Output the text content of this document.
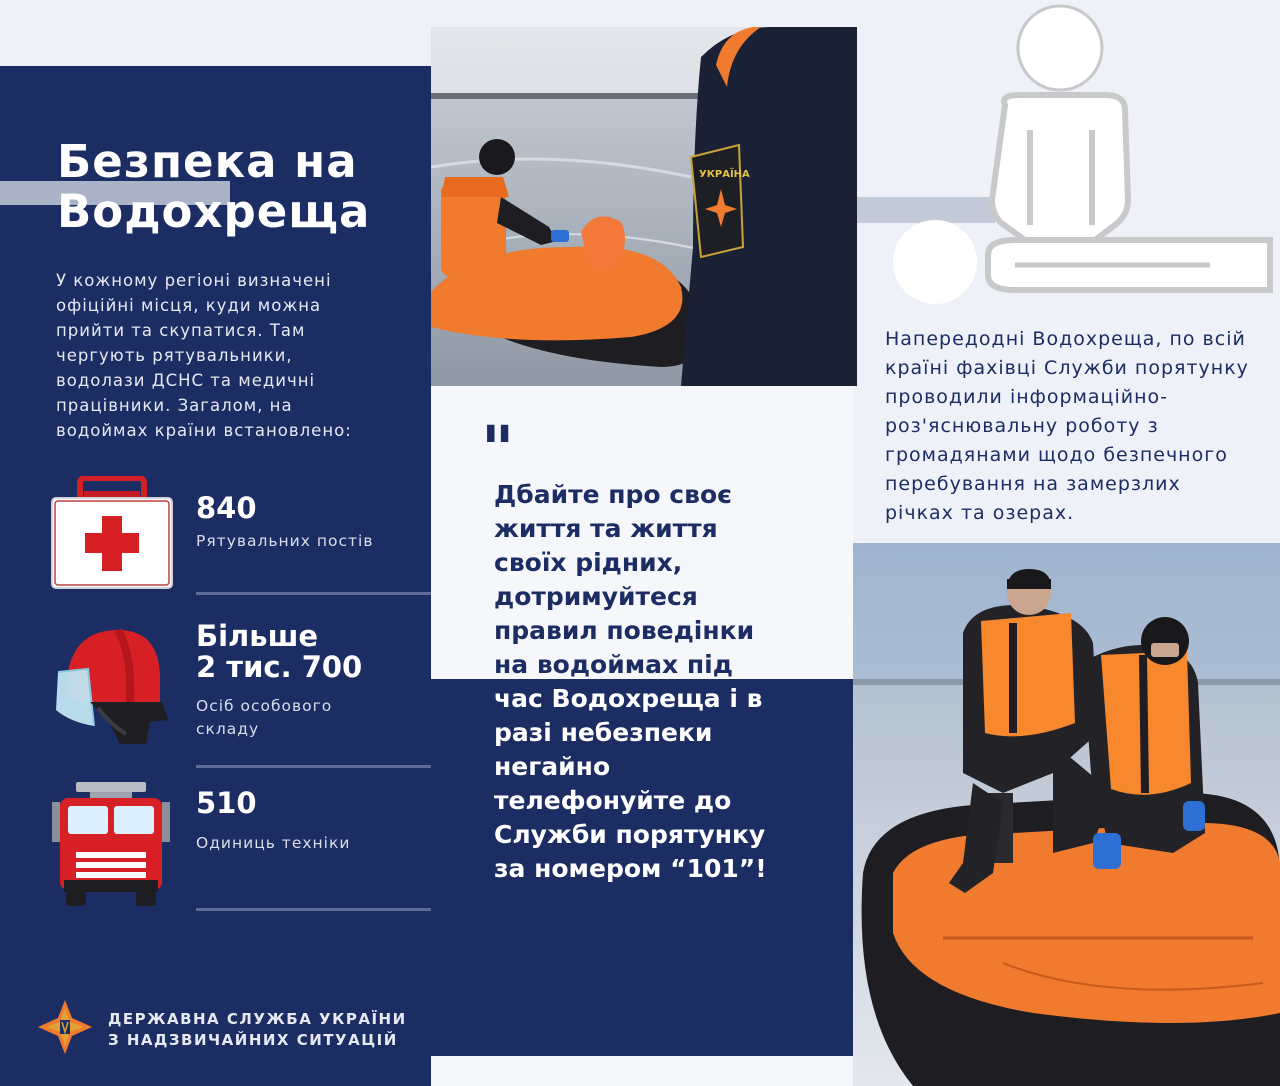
Безпека на
Водохреща

У кожному регіоні визначені офіційні місця, куди можна прийти та скупатися. Там чергують рятувальники, водолази ДСНС та медичні працівники. Загалом, на водоймах країни встановлено:

840

Рятувальних постів

Більше
2 тис. 700

Осіб особового
складу

510

Одиниць техніки

ДЕРЖАВНА СЛУЖБА УКРАЇНИ
З НАДЗВИЧАЙНИХ СИТУАЦІЙ

УКРАЇНА
"

Дбайте про своє
життя та життя
своїх рідних,
дотримуйтеся
правил поведінки
на водоймах під
час Водохреща і в
разі небезпеки
негайно
телефонуйте до
Служби порятунку
за номером “101”!

Напередодні Водохреща, по всій країні фахівці Служби порятунку проводили інформаційно-роз'яснювальну роботу з громадянами щодо безпечного перебування на замерзлих річках та озерах.
